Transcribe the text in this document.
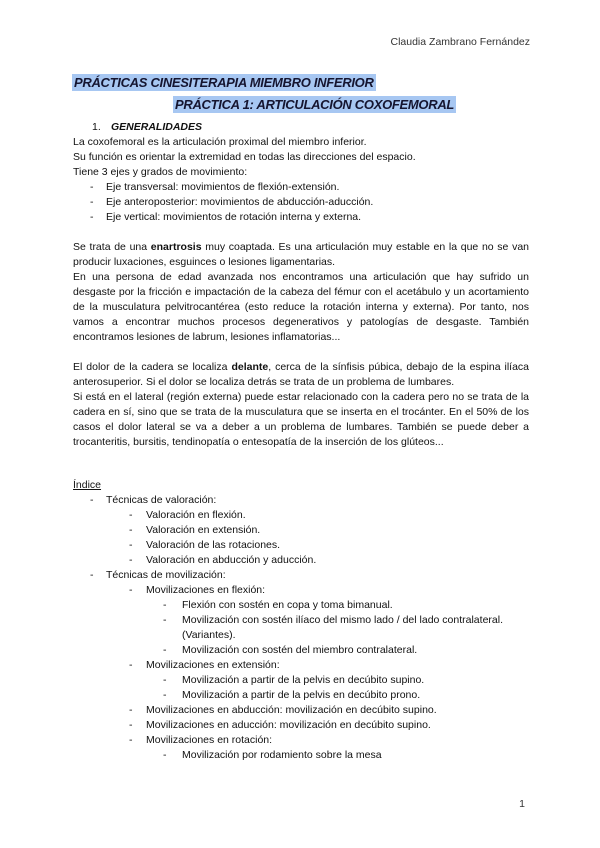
Claudia Zambrano Fernández
PRÁCTICAS CINESITERAPIA MIEMBRO INFERIOR
PRÁCTICA 1: ARTICULACIÓN COXOFEMORAL
1. GENERALIDADES

La coxofemoral es la articulación proximal del miembro inferior.

Su función es orientar la extremidad en todas las direcciones del espacio.

Tiene 3 ejes y grados de movimiento:

- Eje transversal: movimientos de flexión-extensión.
- Eje anteroposterior: movimientos de abducción-aducción.
- Eje vertical: movimientos de rotación interna y externa.

Se trata de una enartrosis muy coaptada. Es una articulación muy estable en la que no se van producir luxaciones, esguinces o lesiones ligamentarias.

En una persona de edad avanzada nos encontramos una articulación que hay sufrido un desgaste por la fricción e impactación de la cabeza del fémur con el acetábulo y un acortamiento de la musculatura pelvitrocantérea (esto reduce la rotación interna y externa). Por tanto, nos vamos a encontrar muchos procesos degenerativos y patologías de desgaste. También encontramos lesiones de labrum, lesiones inflamatorias...

El dolor de la cadera se localiza delante, cerca de la sínfisis púbica, debajo de la espina ilíaca anterosuperior. Si el dolor se localiza detrás se trata de un problema de lumbares.

Si está en el lateral (región externa) puede estar relacionado con la cadera pero no se trata de la cadera en sí, sino que se trata de la musculatura que se inserta en el trocánter. En el 50% de los casos el dolor lateral se va a deber a un problema de lumbares. También se puede deber a trocanteritis, bursitis, tendinopatía o entesopatía de la inserción de los glúteos...

Índice

- Técnicas de valoración:
- Valoración en flexión.
- Valoración en extensión.
- Valoración de las rotaciones.
- Valoración en abducción y aducción.
- Técnicas de movilización:
- Movilizaciones en flexión:
- Flexión con sostén en copa y toma bimanual.
- Movilización con sostén ilíaco del mismo lado / del lado contralateral. (Variantes).
- Movilización con sostén del miembro contralateral.
- Movilizaciones en extensión:
- Movilización a partir de la pelvis en decúbito supino.
- Movilización a partir de la pelvis en decúbito prono.
- Movilizaciones en abducción: movilización en decúbito supino.
- Movilizaciones en aducción: movilización en decúbito supino.
- Movilizaciones en rotación:
- Movilización por rodamiento sobre la mesa
1
